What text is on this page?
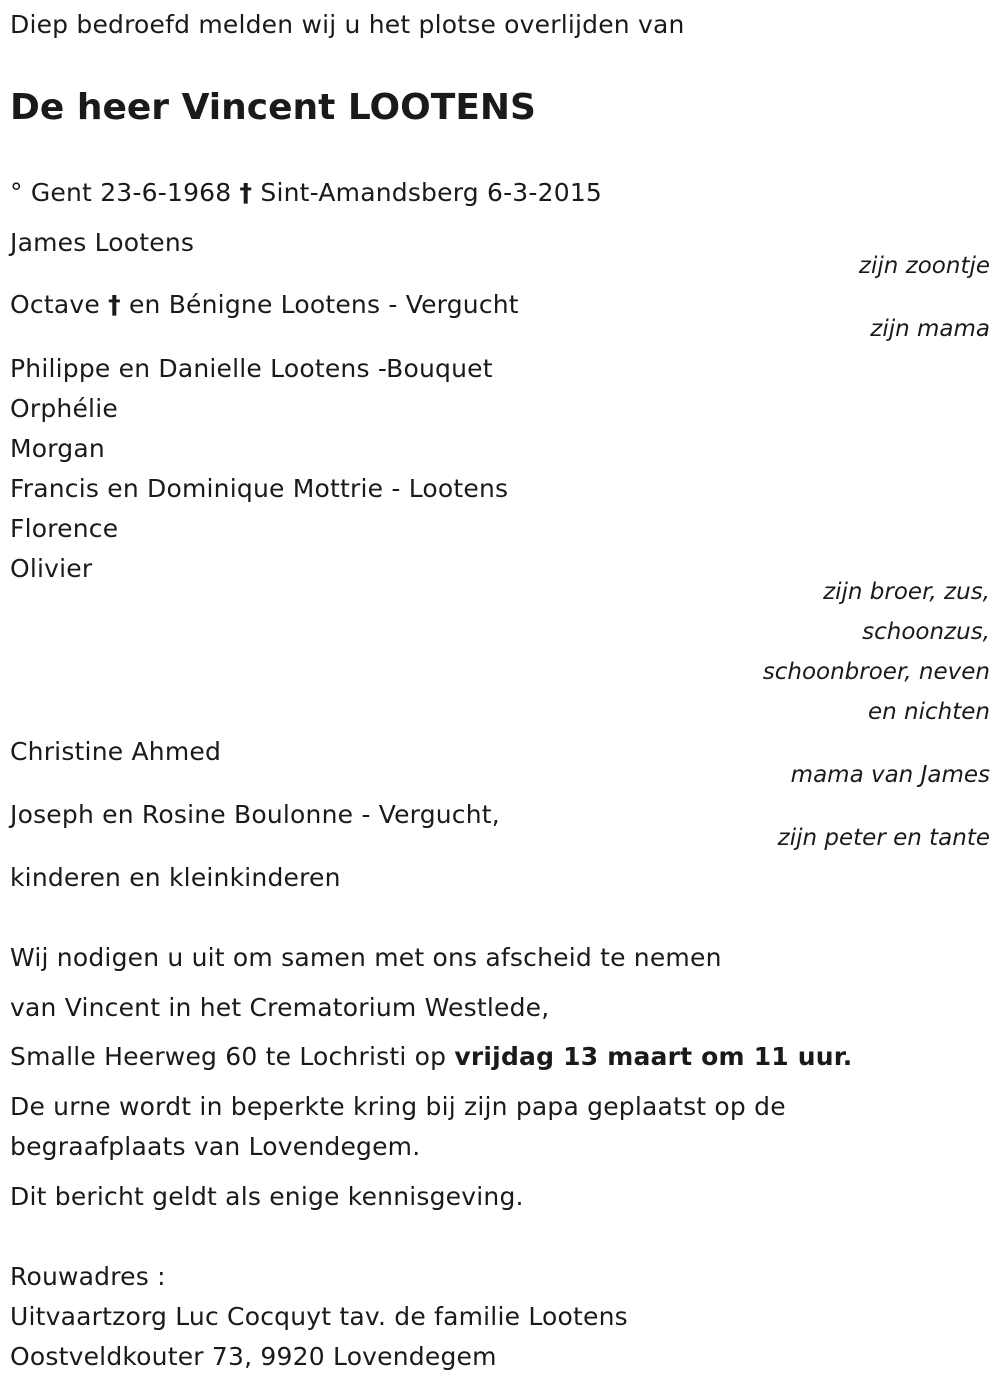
Diep bedroefd melden wij u het plotse overlijden van
De heer Vincent LOOTENS
° Gent 23-6-1968 † Sint-Amandsberg 6-3-2015
James Lootens
zijn zoontje
Octave † en Bénigne Lootens - Vergucht
zijn mama
Philippe en Danielle Lootens -Bouquet
Orphélie
Morgan
Francis en Dominique Mottrie - Lootens
Florence
Olivier
zijn broer, zus,
schoonzus,
schoonbroer, neven
en nichten
Christine Ahmed
mama van James
Joseph en Rosine Boulonne - Vergucht,
zijn peter en tante
kinderen en kleinkinderen
Wij nodigen u uit om samen met ons afscheid te nemen
van Vincent in het Crematorium Westlede,
Smalle Heerweg 60 te Lochristi op vrijdag 13 maart om 11 uur.
De urne wordt in beperkte kring bij zijn papa geplaatst op de
begraafplaats van Lovendegem.
Dit bericht geldt als enige kennisgeving.
Rouwadres :
Uitvaartzorg Luc Cocquyt tav. de familie Lootens
Oostveldkouter 73, 9920 Lovendegem
